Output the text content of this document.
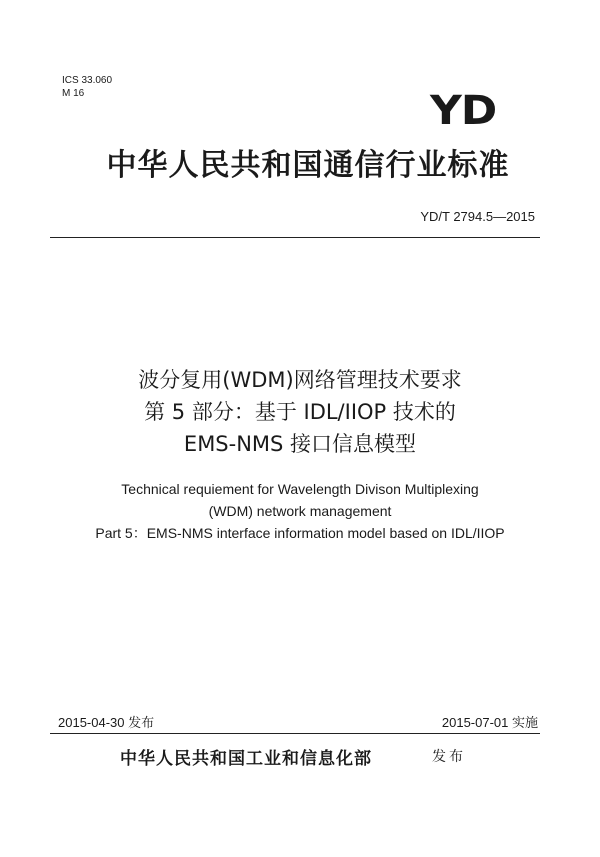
ICS 33.060
M 16	YD
中华人民共和国通信行业标准
YD/T 2794.5—2015
波分复用(WDM)网络管理技术要求
第 5 部分：基于 IDL/IIOP 技术的
EMS-NMS 接口信息模型
Technical requiement for Wavelength Divison Multiplexing
(WDM) network management
Part 5：EMS-NMS interface information model based on IDL/IIOP
2015-04-30 发布	2015-07-01 实施
中华人民共和国工业和信息化部	发布
